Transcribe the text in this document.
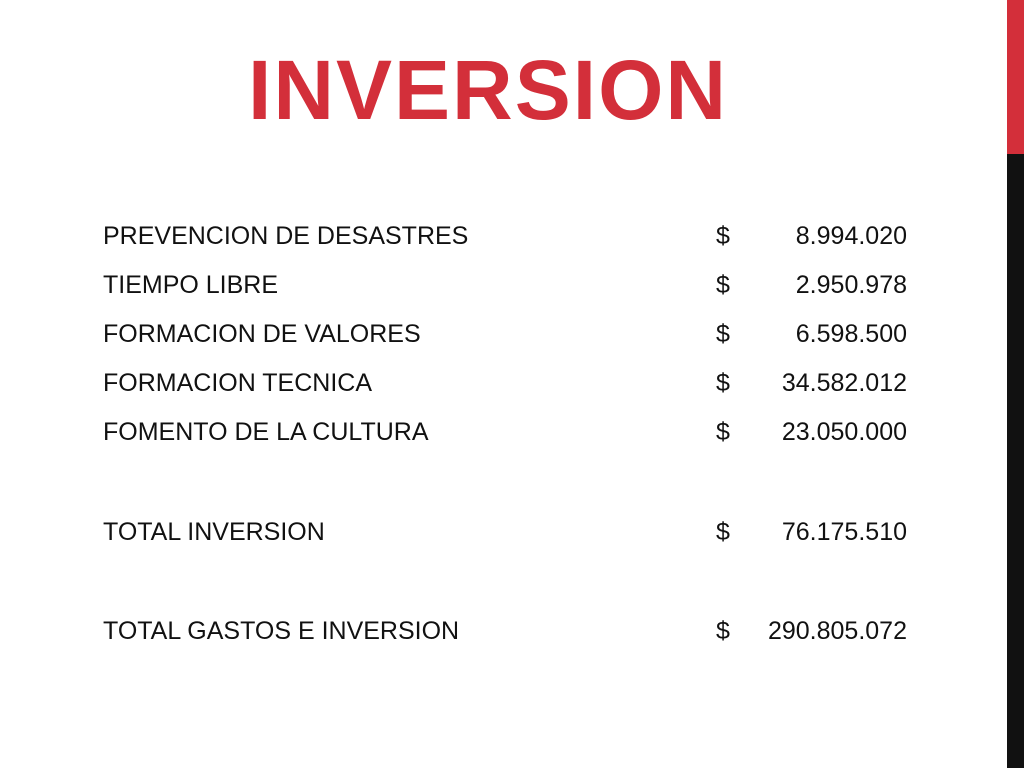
INVERSION
PREVENCION DE DESASTRES	$	8.994.020
TIEMPO LIBRE	$	2.950.978
FORMACION DE VALORES	$	6.598.500
FORMACION TECNICA	$ 34.582.012
FOMENTO DE LA CULTURA	$ 23.050.000
TOTAL INVERSION	$ 76.175.510
TOTAL GASTOS E INVERSION	$ 290.805.072
